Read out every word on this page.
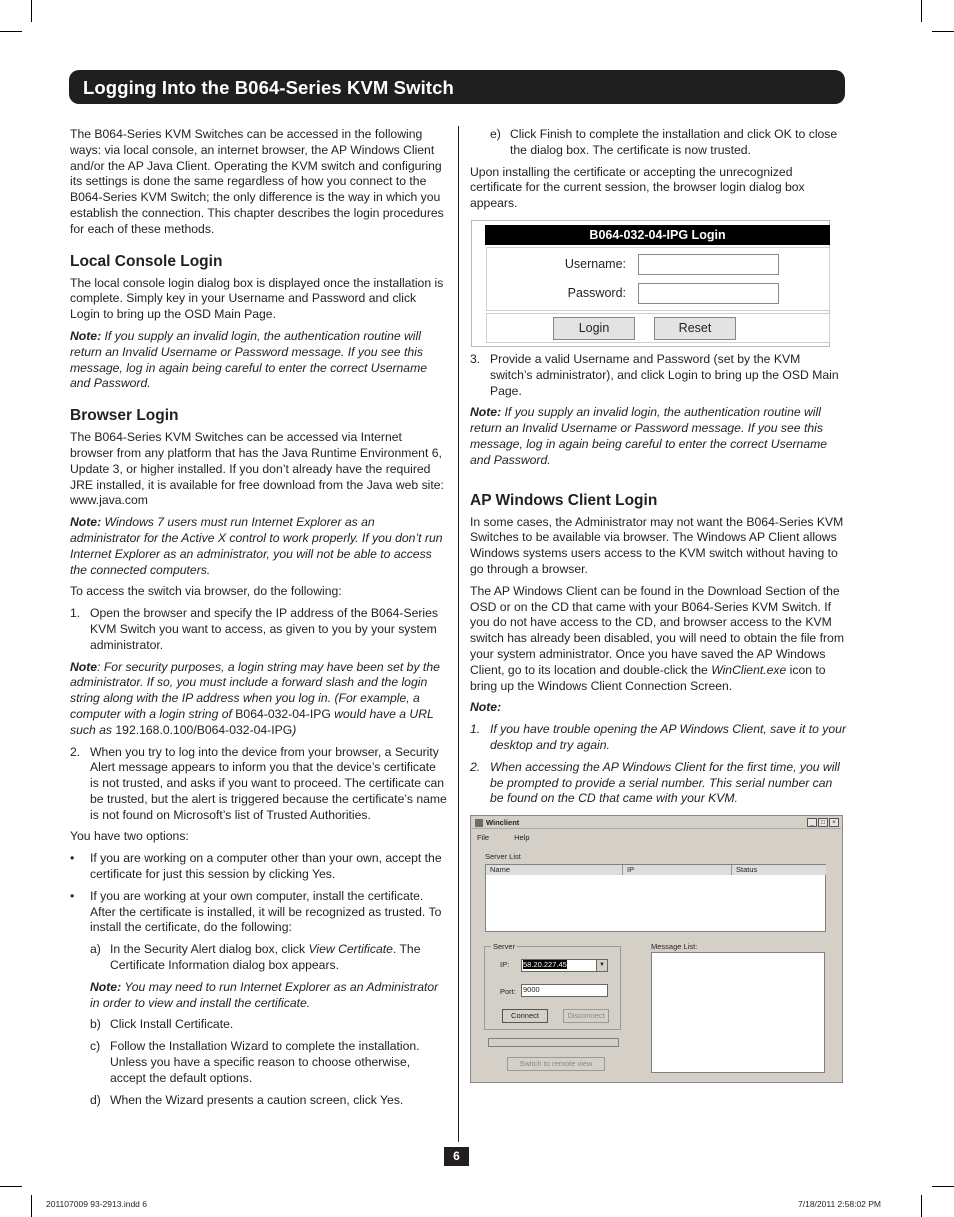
Logging Into the B064-Series KVM Switch

The B064-Series KVM Switches can be accessed in the following ways: via local console, an internet browser, the AP Windows Client and/or the AP Java Client. Operating the KVM switch and configuring its settings is done the same regardless of how you connect to the B064-Series KVM Switch; the only difference is the way in which you establish the connection. This chapter describes the login procedures for each of these methods.

Local Console Login

The local console login dialog box is displayed once the installation is complete. Simply key in your Username and Password and click Login to bring up the OSD Main Page.

Note: If you supply an invalid login, the authentication routine will return an Invalid Username or Password message. If you see this message, log in again being careful to enter the correct Username and Password.

Browser Login

The B064-Series KVM Switches can be accessed via Internet browser from any platform that has the Java Runtime Environment 6, Update 3, or higher installed. If you don’t already have the required JRE installed, it is available for free download from the Java web site: www.java.com

Note: Windows 7 users must run Internet Explorer as an administrator for the Active X control to work properly. If you don’t run Internet Explorer as an administrator, you will not be able to access the connected computers.

To access the switch via browser, do the following:

1. Open the browser and specify the IP address of the B064-Series KVM Switch you want to access, as given to you by your system administrator.

Note: For security purposes, a login string may have been set by the administrator. If so, you must include a forward slash and the login string along with the IP address when you log in. (For example, a computer with a login string of B064-032-04-IPG would have a URL such as 192.168.0.100/B064-032-04-IPG)

2. When you try to log into the device from your browser, a Security Alert message appears to inform you that the device’s certificate is not trusted, and asks if you want to proceed. The certificate can be trusted, but the alert is triggered because the certificate’s name is not found on Microsoft’s list of Trusted Authorities.

You have two options:

•	If you are working on a computer other than your own, accept the certificate for just this session by clicking Yes.
•	If you are working at your own computer, install the certificate. After the certificate is installed, it will be recognized as trusted. To install the certificate, do the following:
a) In the Security Alert dialog box, click View Certificate. The Certificate Information dialog box appears.

Note: You may need to run Internet Explorer as an Administrator in order to view and install the certificate.

b) Click Install Certificate.
c) Follow the Installation Wizard to complete the installation. Unless you have a specific reason to choose otherwise, accept the default options.
d) When the Wizard presents a caution screen, click Yes.
e) Click Finish to complete the installation and click OK to close the dialog box. The certificate is now trusted.

Upon installing the certificate or accepting the unrecognized certificate for the current session, the browser login dialog box appears.

B064-032-04-IPG Login
Username:
Password:
Login	Reset
3. Provide a valid Username and Password (set by the KVM switch’s administrator), and click Login to bring up the OSD Main Page.

Note: If you supply an invalid login, the authentication routine will return an Invalid Username or Password message. If you see this message, log in again being careful to enter the correct Username and Password.

AP Windows Client Login

In some cases, the Administrator may not want the B064-Series KVM Switches to be available via browser. The Windows AP Client allows Windows systems users access to the KVM switch without having to go through a browser.

The AP Windows Client can be found in the Download Section of the OSD or on the CD that came with your B064-Series KVM Switch. If you do not have access to the CD, and browser access to the KVM switch has already been disabled, you will need to obtain the file from your system administrator. Once you have saved the AP Windows Client, go to its location and double-click the WinClient.exe icon to bring up the Windows Client Connection Screen.

Note:

1. If you have trouble opening the AP Windows Client, save it to your desktop and try again.
2. When accessing the AP Windows Client for the first time, you will be prompted to provide a serial number. This serial number can be found on the CD that came with your KVM.
Winclient	_	□	×
File	Help
Server List
Name	IP	Status
Server
IP: 58.20.227.45	▼
Port: 9000
Connect	Disconnect
Message List:
Switch to remote view
6
201107009 93-2913.indd 6	7/18/2011 2:58:02 PM
